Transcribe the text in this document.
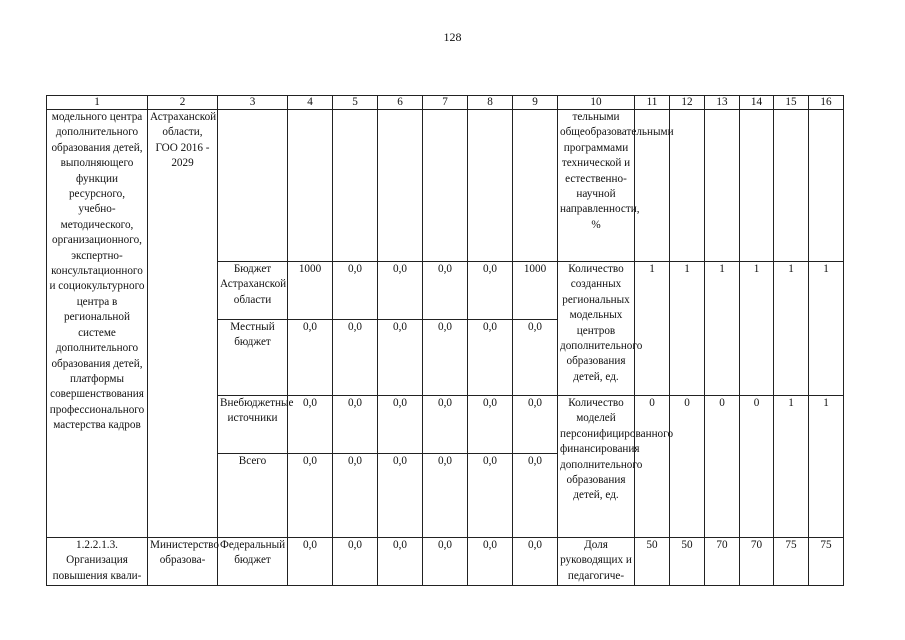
128
1	2	3	4	5	6	7	8	9	10	11	12	13	14	15	16
модельного центра дополнительного образования детей, выполняющего функции ресурсного, учебно-методического, организационного, экспертно-консультационного и социокультурного центра в региональной системе дополнительного образования детей, платформы совершенствования профессионального мастерства кадров	Астраханской области, ГОО 2016 - 2029								тельными общеобразовательными программами технической и естественно-научной направленности, %						
		Бюджет Астраханской области	1000	0,0	0,0	0,0	0,0	1000	Количество созданных региональных модельных центров дополнительного образования детей, ед.	1	1	1	1	1	1
		Местный бюджет	0,0	0,0	0,0	0,0	0,0	0,0							
		Внебюджетные источники	0,0	0,0	0,0	0,0	0,0	0,0	Количество моделей персонифицированного финансирования дополнительного образования детей, ед.	0	0	0	0	1	1
		Всего	0,0	0,0	0,0	0,0	0,0	0,0							

1.2.2.1.3. Организация повышения квали-	Министерство образова-	Федеральный бюджет	0,0	0,0	0,0	0,0	0,0	0,0	Доля руководящих и педагогиче-	50	50	70	70	75	75
